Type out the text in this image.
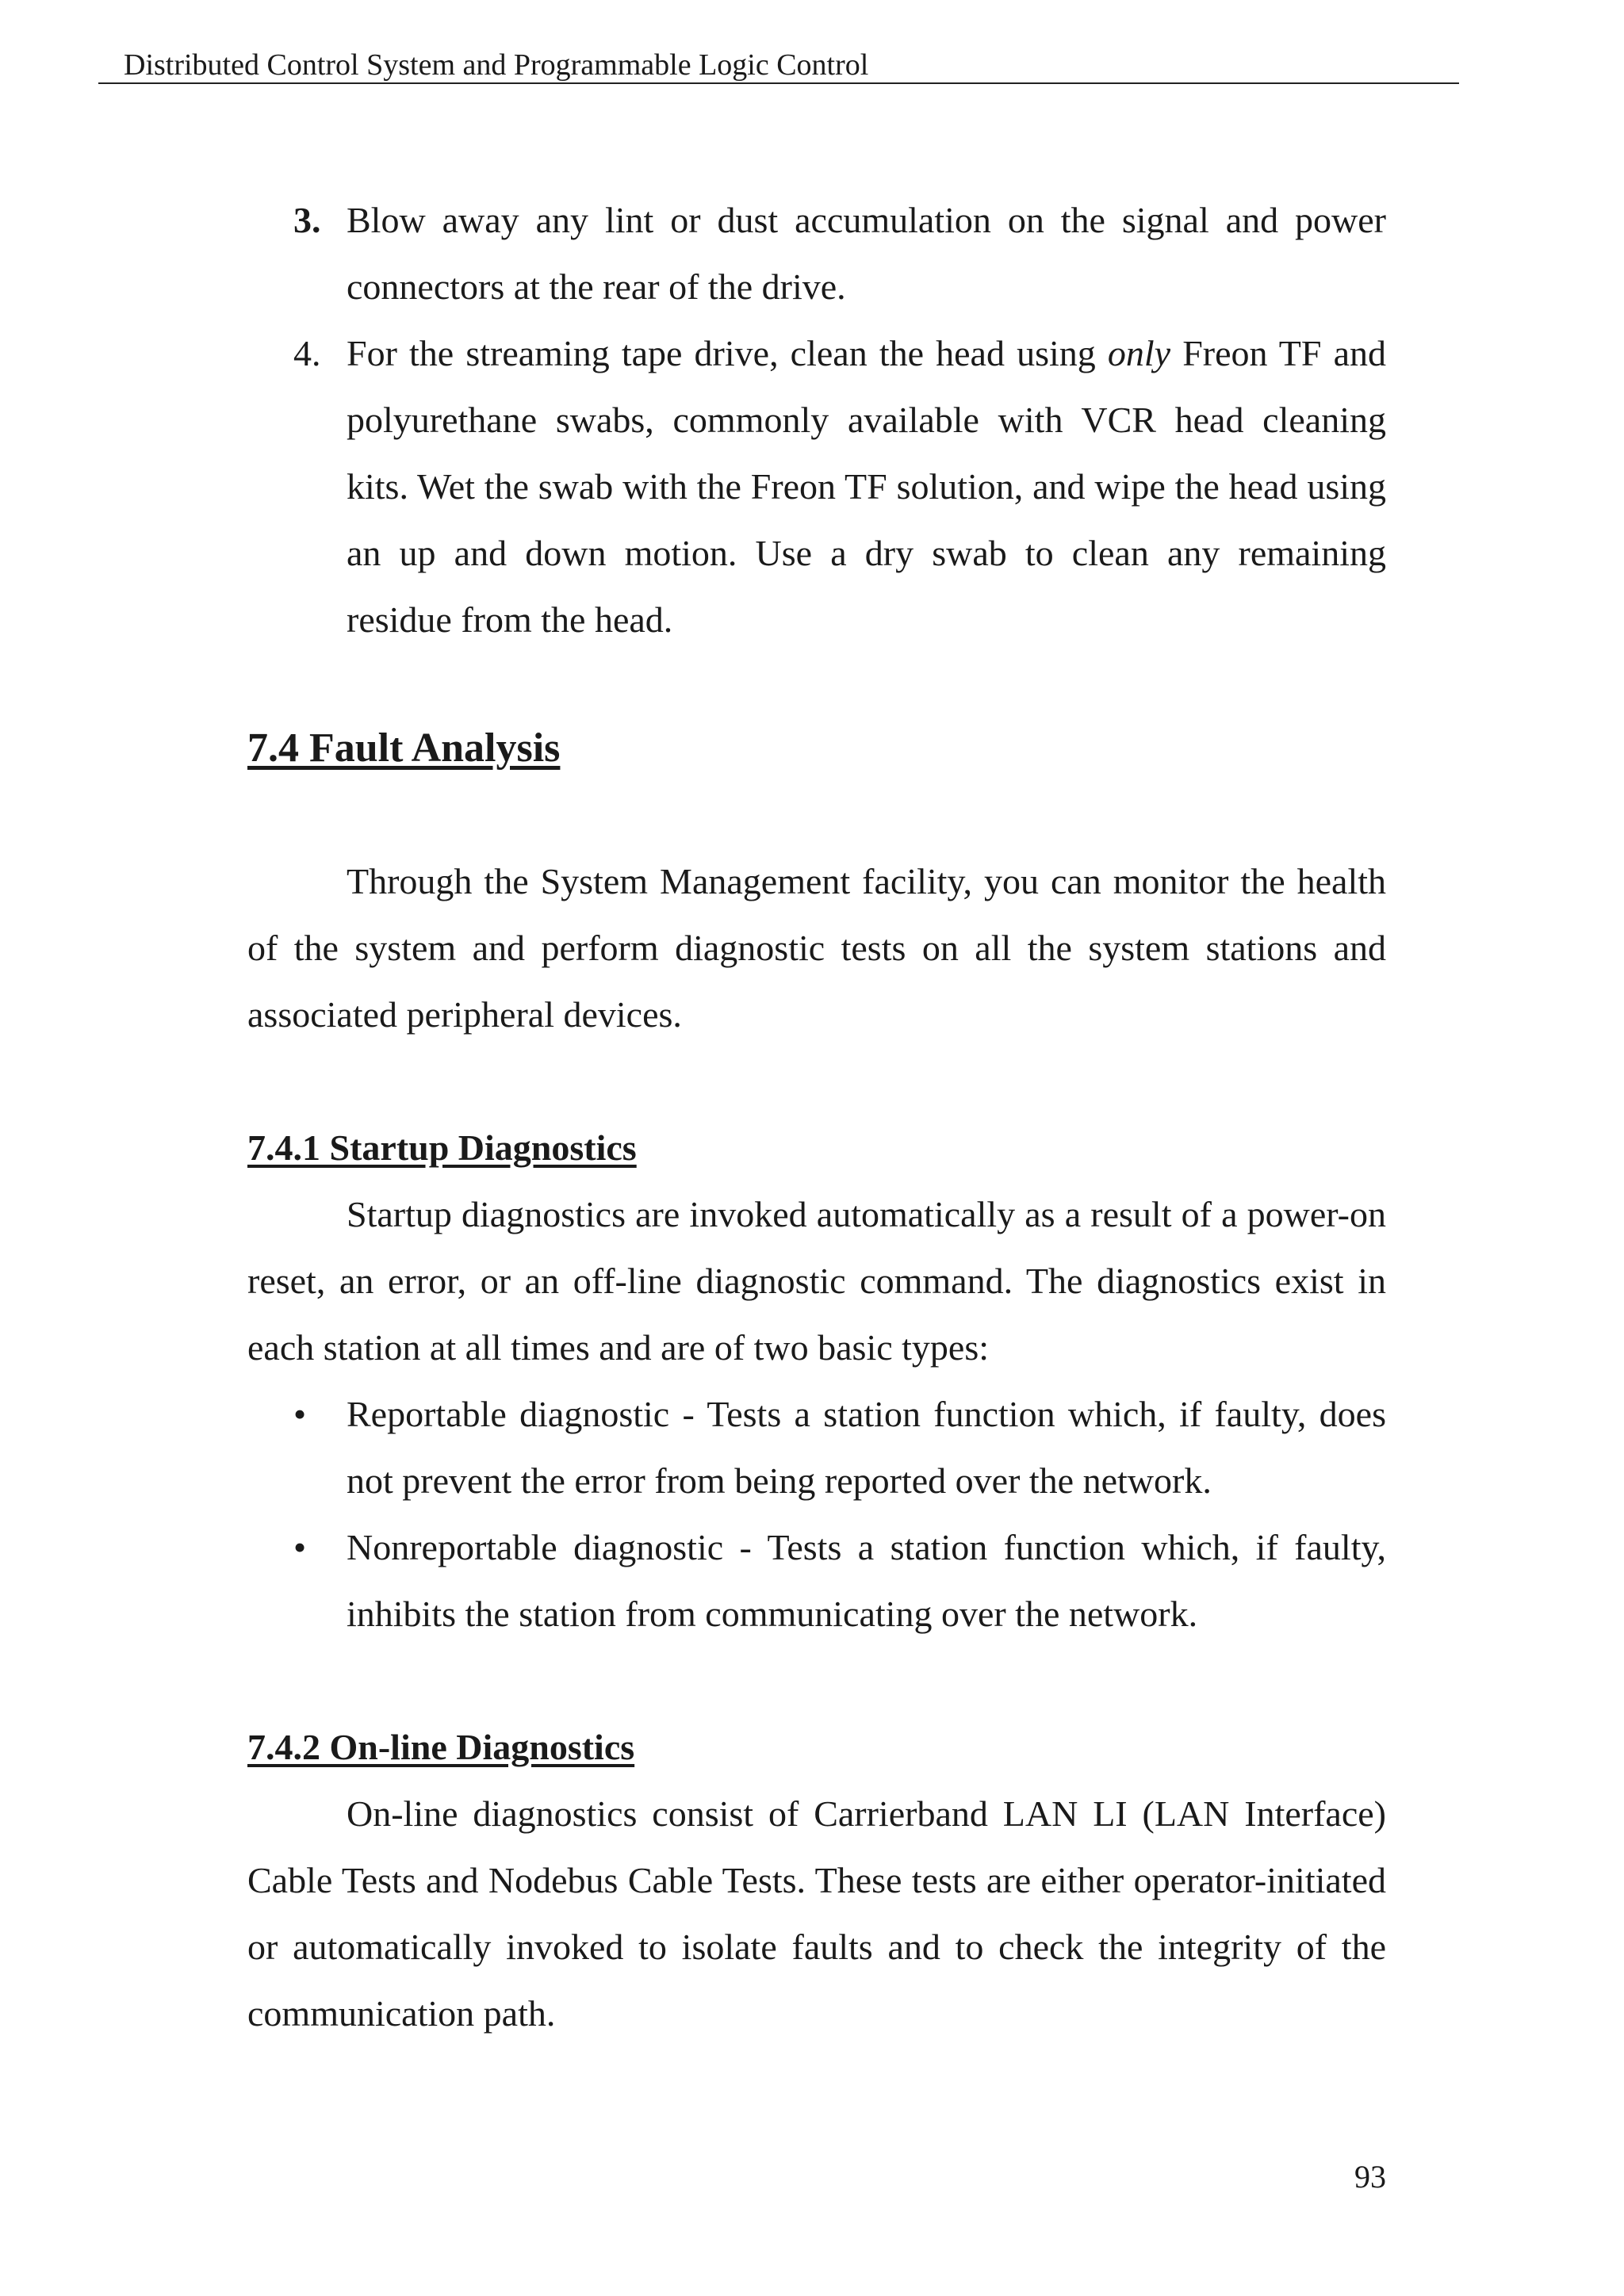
Distributed Control System and Programmable Logic Control
3. Blow away any lint or dust accumulation on the signal and power connectors at the rear of the drive.
4. For the streaming tape drive, clean the head using only Freon TF and polyurethane swabs, commonly available with VCR head cleaning kits. Wet the swab with the Freon TF solution, and wipe the head using an up and down motion. Use a dry swab to clean any remaining residue from the head.
7.4 Fault Analysis
Through the System Management facility, you can monitor the health of the system and perform diagnostic tests on all the system stations and associated peripheral devices.
7.4.1 Startup Diagnostics
Startup diagnostics are invoked automatically as a result of a power-on reset, an error, or an off-line diagnostic command. The diagnostics exist in each station at all times and are of two basic types:
• Reportable diagnostic - Tests a station function which, if faulty, does not prevent the error from being reported over the network.
• Nonreportable diagnostic - Tests a station function which, if faulty, inhibits the station from communicating over the network.
7.4.2 On-line Diagnostics
On-line diagnostics consist of Carrierband LAN LI (LAN Interface) Cable Tests and Nodebus Cable Tests. These tests are either operator-initiated or automatically invoked to isolate faults and to check the integrity of the communication path.
93
